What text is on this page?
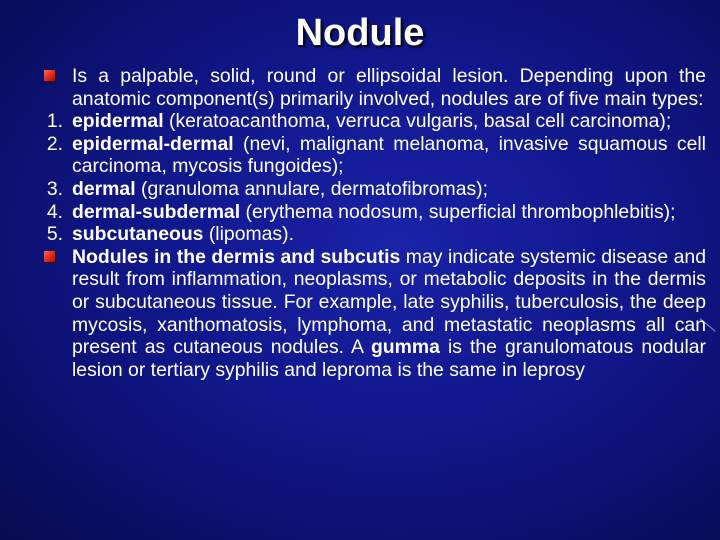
Nodule

Is a palpable, solid, round or ellipsoidal lesion. Depending upon the anatomic component(s) primarily involved, nodules are of five main types:

1. epidermal (keratoacanthoma, verruca vulgaris, basal cell carcinoma);

2. epidermal-dermal (nevi, malignant melanoma, invasive squamous cell carcinoma, mycosis fungoides);

3. dermal (granuloma annulare, dermatofibromas);

4. dermal-subdermal (erythema nodosum, superficial thrombophlebitis);

5. subcutaneous (lipomas).

Nodules in the dermis and subcutis may indicate systemic disease and result from inflammation, neoplasms, or metabolic deposits in the dermis or subcutaneous tissue. For example, late syphilis, tuberculosis, the deep mycosis, xanthomatosis, lymphoma, and metastatic neoplasms all can present as cutaneous nodules. A gumma is the granulomatous nodular lesion or tertiary syphilis and leproma is the same in leprosy
